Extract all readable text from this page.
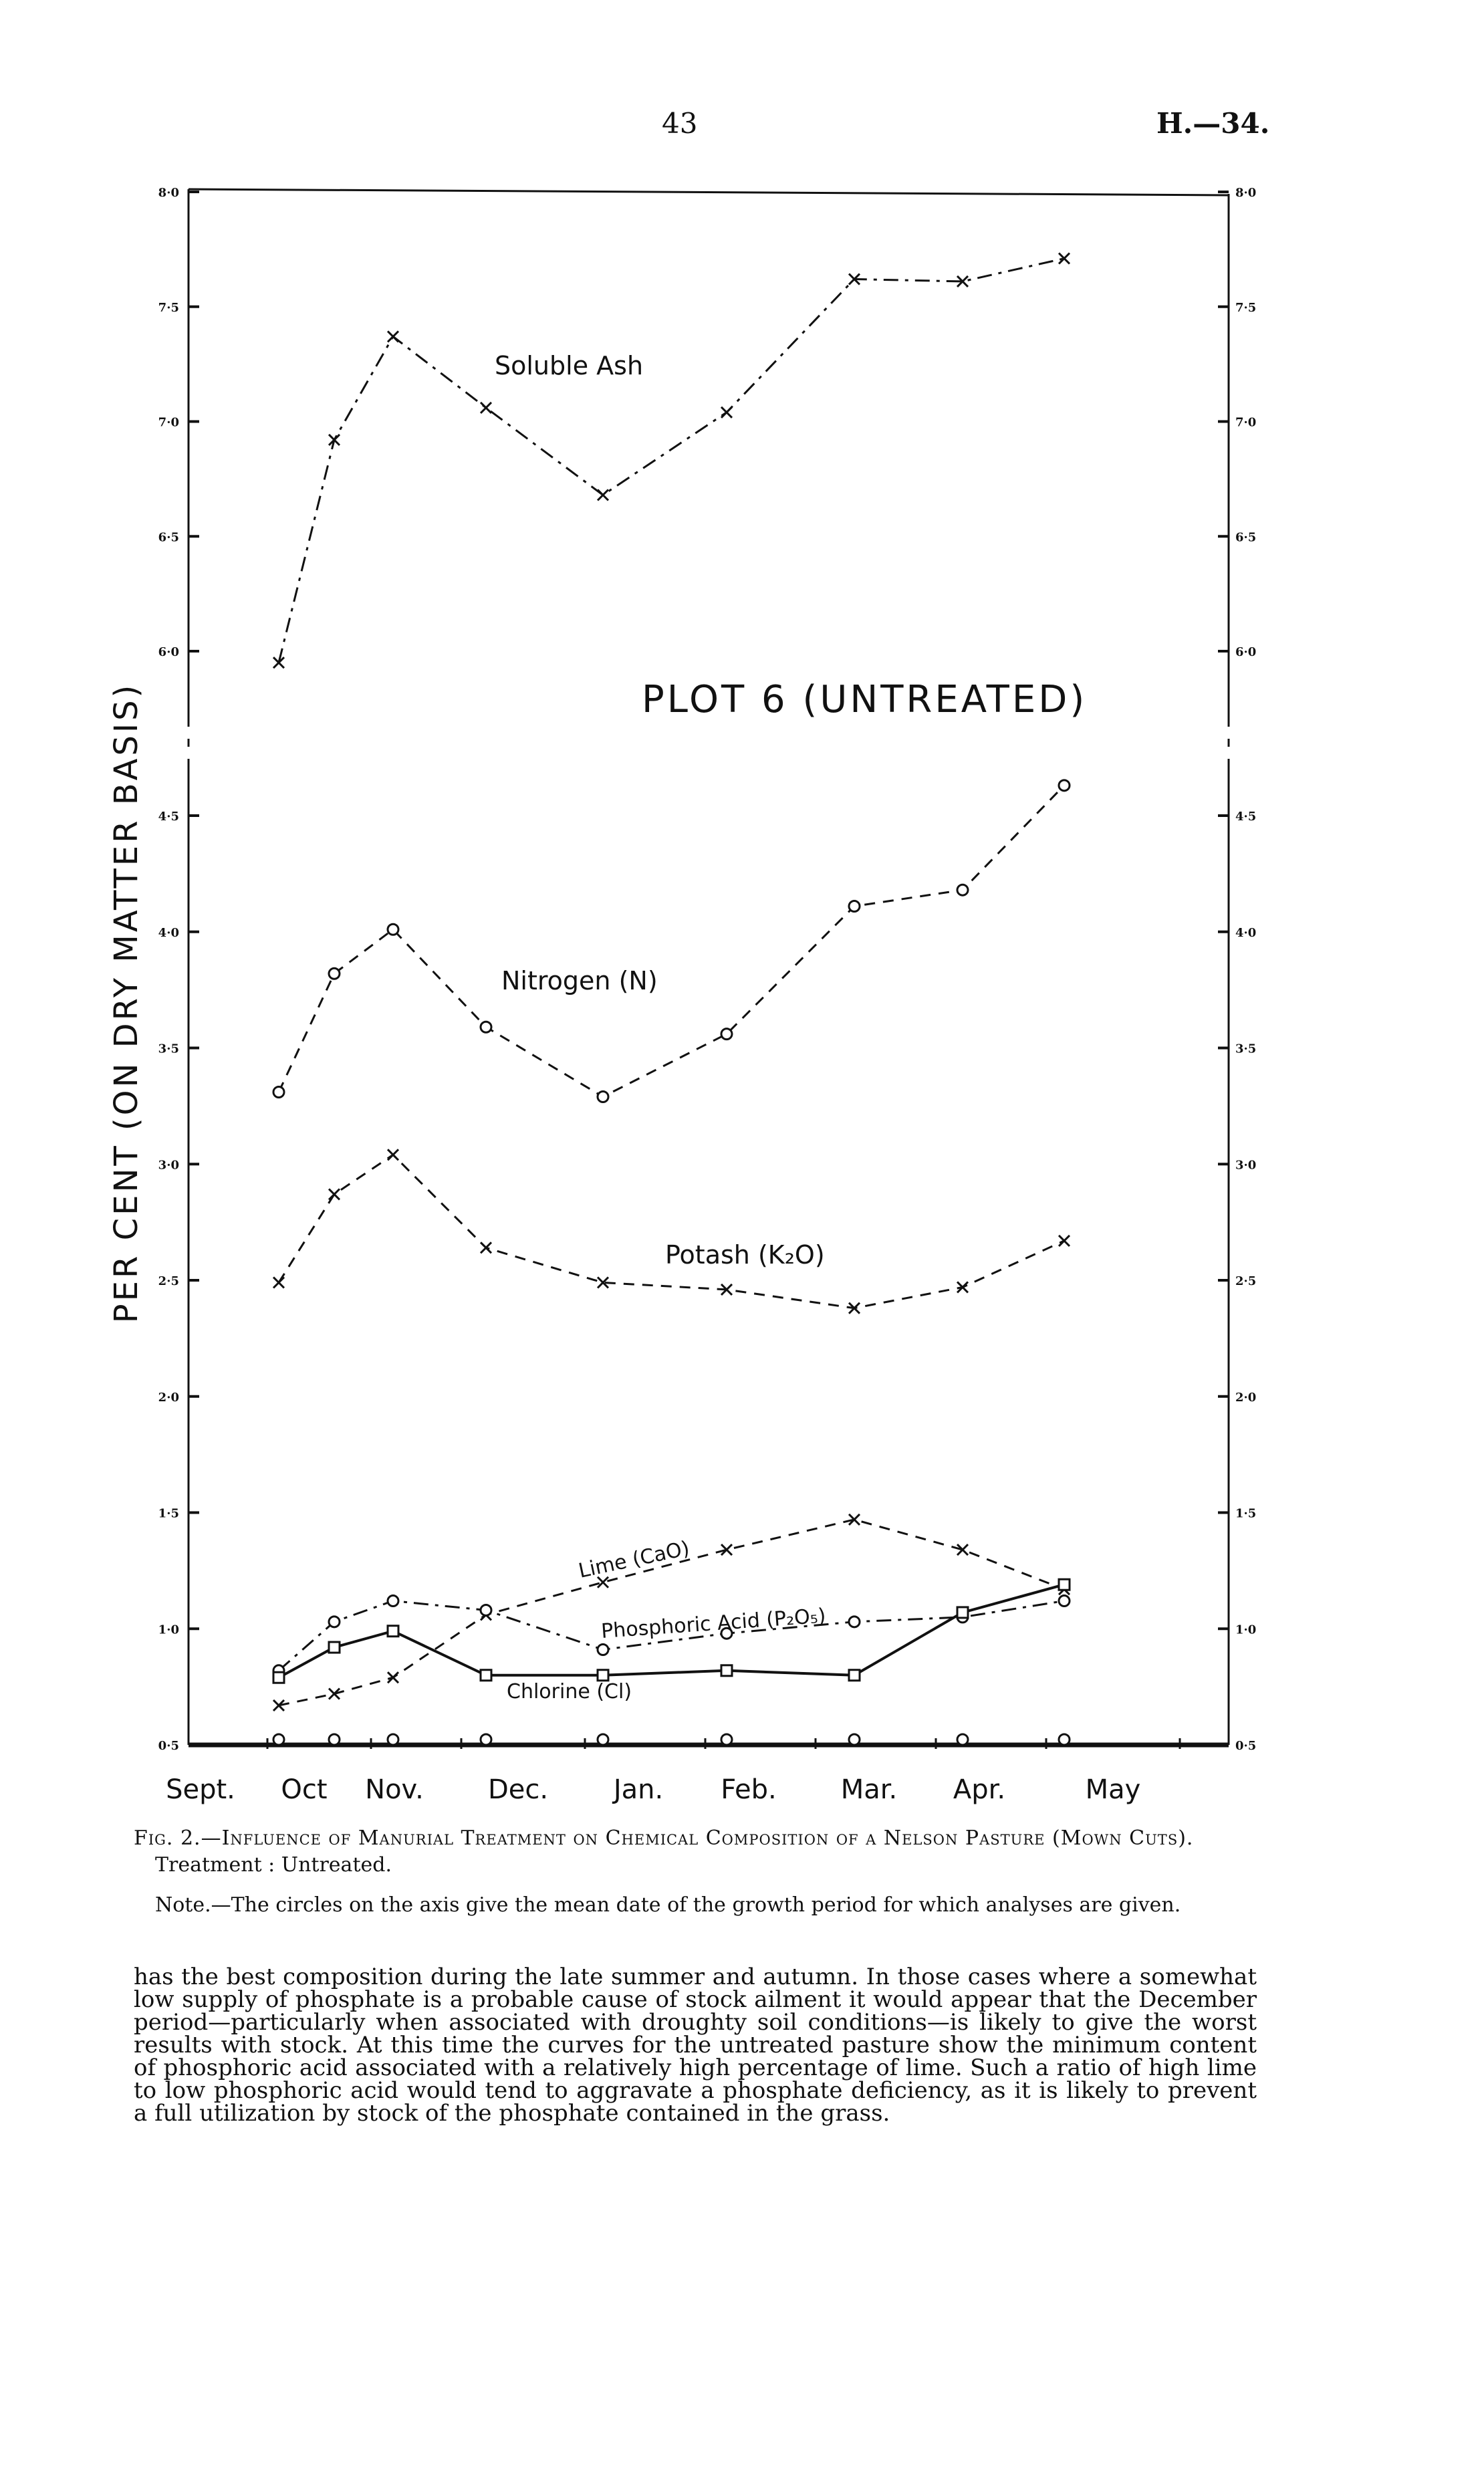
43	H.—34.
0·5	0·5
1·0	1·0
1·5	1·5
2·0	2·0
2·5	2·5
3·0	3·0
3·5	3·5
4·0	4·0
4·5	4·5
6·0	6·0
6·5	6·5
7·0	7·0
7·5	7·5
8·0	8·0
Sept. Oct Nov. Dec. Jan. Feb. Mar. Apr.	May
PER CENT (ON DRY MATTER BASIS)	PLOT 6 (UNTREATED)
Soluble Ash
Nitrogen (N)
Potash (K₂O)
Lime (CaO)
Phosphoric Acid (P₂O₅)
Chlorine (Cl)
Fig. 2.—Influence of Manurial Treatment on Chemical Composition of a Nelson Pasture (Mown Cuts).
Treatment : Untreated.
Note.—The circles on the axis give the mean date of the growth period for which analyses are given.
has the best composition during the late summer and autumn. In those cases where a somewhat low supply of phosphate is a probable cause of stock ailment it would appear that the December period—particularly when associated with droughty soil conditions—is likely to give the worst results with stock. At this time the curves for the untreated pasture show the minimum content of phosphoric acid associated with a relatively high percentage of lime. Such a ratio of high lime to low phosphoric acid would tend to aggravate a phosphate deficiency, as it is likely to prevent a full utilization by stock of the phosphate contained in the grass.
